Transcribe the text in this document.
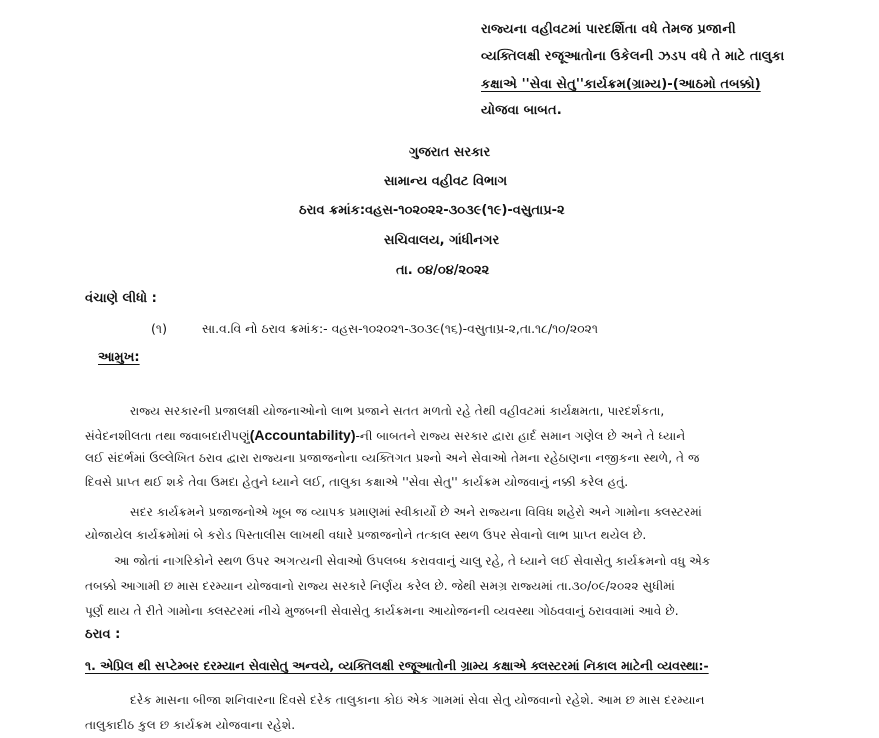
રાજ્યના વહીવટમાં પારદર્શિતા વધે તેમજ પ્રજાની
વ્યક્તિલક્ષી રજૂઆતોના ઉકેલની ઝડપ વધે તે માટે તાલુકા
કક્ષાએ ''સેવા સેતુ''કાર્યક્રમ(ગ્રામ્ય)-(આઠમો તબક્કો)
યોજવા બાબત.
ગુજરાત સરકાર
સામાન્ય વહીવટ વિભાગ
ઠરાવ ક્રમાંક:વહસ-૧૦૨૦૨૨-૩૦૩૯(૧૯)-વસુતાપ્ર-૨
સચિવાલય, ગાંધીનગર
તા. ૦૪/૦૪/૨૦૨૨
વંચાણે લીધો :
(૧)	સા.વ.વિ નો ઠરાવ ક્રમાંક:- વહસ-૧૦૨૦૨૧-૩૦૩૯(૧૬)-વસુતાપ્ર-૨,તા.૧૮/૧૦/૨૦૨૧
આમુખ:
રાજ્ય સરકારની પ્રજાલક્ષી યોજનાઓનો લાભ પ્રજાને સતત મળતો રહે તેથી વહીવટમાં કાર્યક્ષમતા, પારદર્શકતા,
સંવેદનશીલતા તથા જવાબદારીપણું(Accountability)-ની બાબતને રાજ્ય સરકાર દ્વારા હાર્દ સમાન ગણેલ છે અને તે ધ્યાને
લઈ સંદર્ભમાં ઉલ્લેખિત ઠરાવ દ્વારા રાજ્યના પ્રજાજનોના વ્યક્તિગત પ્રશ્નો અને સેવાઓ તેમના રહેઠાણના નજીકના સ્થળે, તે જ
દિવસે પ્રાપ્ત થઈ શકે તેવા ઉમદા હેતુને ધ્યાને લઈ, તાલુકા કક્ષાએ ''સેવા સેતુ'' કાર્યક્રમ યોજવાનું નક્કી કરેલ હતું.
સદર કાર્યક્રમને પ્રજાજનોએ ખૂબ જ વ્યાપક પ્રમાણમાં સ્વીકાર્યો છે અને રાજ્યના વિવિધ શહેરો અને ગામોના ક્લસ્ટરમાં
યોજાયેલ કાર્યક્રમોમાં બે કરોડ પિસ્તાલીસ લાખથી વધારે પ્રજાજનોને તત્કાલ સ્થળ ઉપર સેવાનો લાભ પ્રાપ્ત થયેલ છે.
આ જોતાં નાગરિકોને સ્થળ ઉપર અગત્યની સેવાઓ ઉપલબ્ધ કરાવવાનું ચાલુ રહે, તે ધ્યાને લઈ સેવાસેતુ કાર્યક્રમનો વધુ એક
તબક્કો આગામી છ માસ દરમ્યાન યોજવાનો રાજ્ય સરકારે નિર્ણય કરેલ છે. જેથી સમગ્ર રાજ્યમાં તા.૩૦/૦૯/૨૦૨૨ સુધીમાં
પૂર્ણ થાય તે રીતે ગામોના ક્લસ્ટરમાં નીચે મુજબની સેવાસેતુ કાર્યક્રમના આયોજનની વ્યવસ્થા ગોઠવવાનું ઠરાવવામાં આવે છે.
ઠરાવ :
૧. એપ્રિલ થી સપ્ટેમ્બર દરમ્યાન સેવાસેતુ અન્વયે, વ્યક્તિલક્ષી રજૂઆતોની ગ્રામ્ય કક્ષાએ ક્લસ્ટરમાં નિકાલ માટેની વ્યવસ્થા:-
દરેક માસના બીજા શનિવારના દિવસે દરેક તાલુકાના કોઇ એક ગામમાં સેવા સેતુ યોજવાનો રહેશે. આમ છ માસ દરમ્યાન
તાલુકાદીઠ કુલ છ કાર્યક્રમ યોજવાના રહેશે.
